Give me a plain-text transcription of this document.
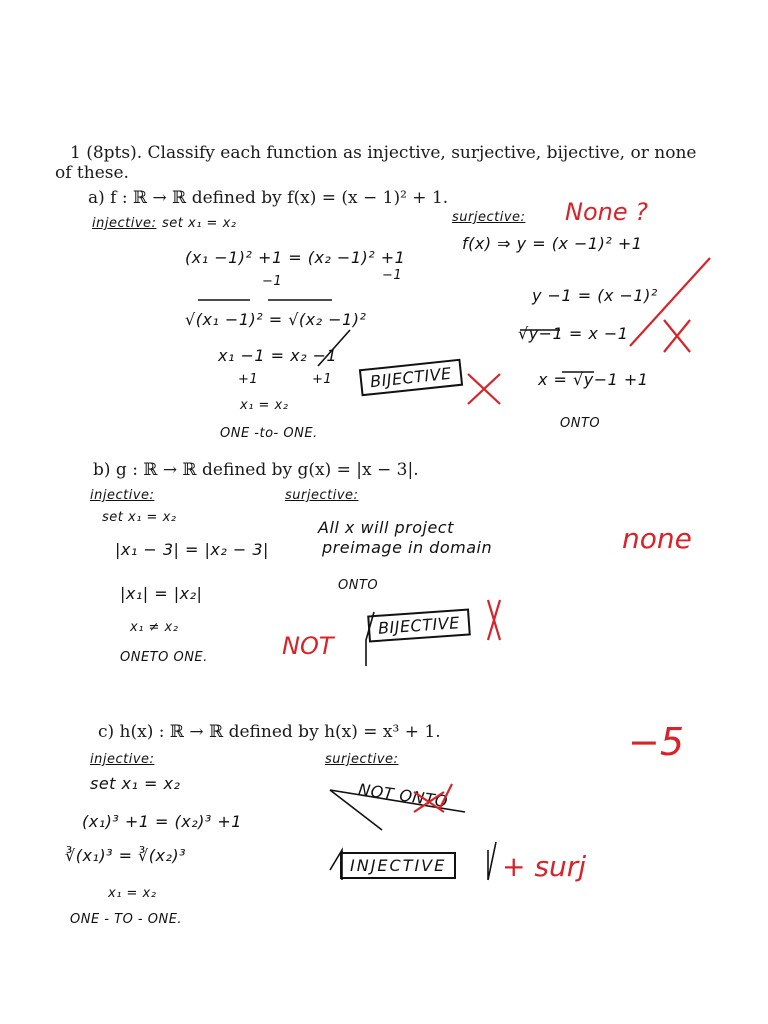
1 (8pts). Classify each function as injective, surjective, bijective, or none
of these.
a) f : ℝ → ℝ defined by f(x) = (x − 1)² + 1.
injective: set x₁ = x₂
(x₁ −1)² +1 = (x₂ −1)² +1
−1	−1
√(x₁ −1)² = √(x₂ −1)²
x₁ −1 = x₂ −1
+1	+1
x₁ = x₂
ONE -to- ONE.
surjective: None ?
f(x) ⇒ y = (x −1)² +1
y −1 = (x −1)²
√y−1 = x −1
x = √y−1 +1
ONTO
BIJECTIVE
b) g : ℝ → ℝ defined by g(x) = |x − 3|.
injective:
set x₁ = x₂
|x₁ − 3| = |x₂ − 3|
|x₁| = |x₂|
x₁ ≠ x₂
ONETO ONE.
surjective:
All x will project
preimage in domain
ONTO
NOT
BIJECTIVE
none
c) h(x) : ℝ → ℝ defined by h(x) = x³ + 1.	−5
injective:
set x₁ = x₂
(x₁)³ +1 = (x₂)³ +1
∛(x₁)³ = ∛(x₂)³
x₁ = x₂
ONE - TO - ONE.
surjective:
NOT ONTO
INJECTIVE	+ surj
